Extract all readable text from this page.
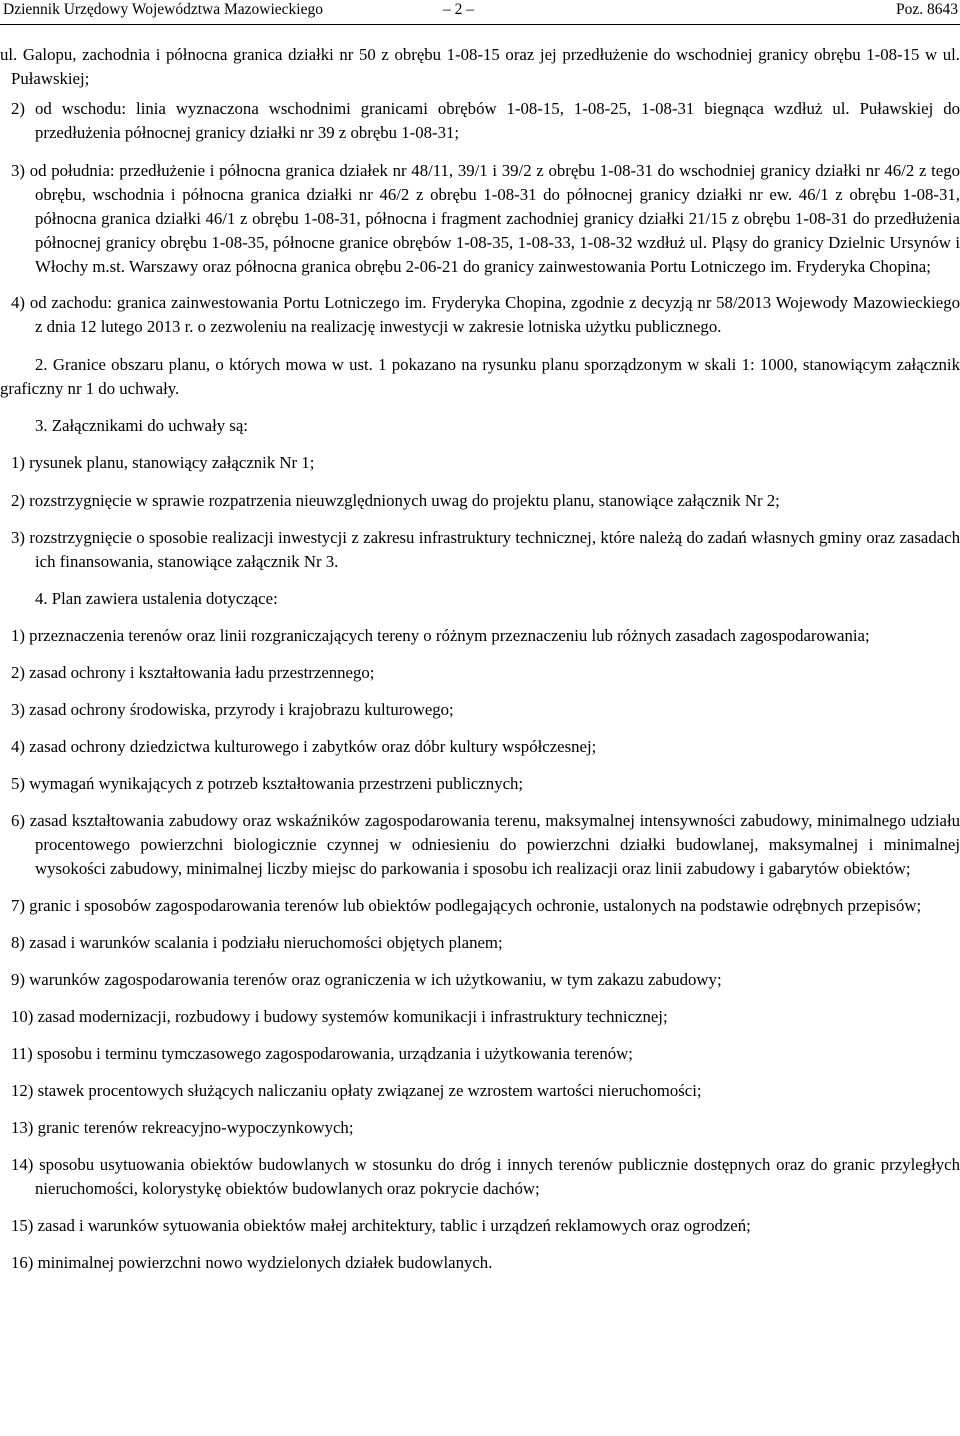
Dziennik Urzędowy Województwa Mazowieckiego	– 2 –	Poz. 8643

ul. Galopu, zachodnia i północna granica działki nr 50 z obrębu 1-08-15 oraz jej przedłużenie do wschodniej granicy obrębu 1-08-15 w ul. Puławskiej;

2) od wschodu: linia wyznaczona wschodnimi granicami obrębów 1-08-15, 1-08-25, 1-08-31 biegnąca wzdłuż ul. Puławskiej do przedłużenia północnej granicy działki nr 39 z obrębu 1-08-31;

3) od południa: przedłużenie i północna granica działek nr 48/11, 39/1 i 39/2 z obrębu 1-08-31 do wschodniej granicy działki nr 46/2 z tego obrębu, wschodnia i północna granica działki nr 46/2 z obrębu 1-08-31 do północnej granicy działki nr ew. 46/1 z obrębu 1-08-31, północna granica działki 46/1 z obrębu 1-08-31, północna i fragment zachodniej granicy działki 21/15 z obrębu 1-08-31 do przedłużenia północnej granicy obrębu 1-08-35, północne granice obrębów 1-08-35, 1-08-33, 1-08-32 wzdłuż ul. Pląsy do granicy Dzielnic Ursynów i Włochy m.st. Warszawy oraz północna granica obrębu 2-06-21 do granicy zainwestowania Portu Lotniczego im. Fryderyka Chopina;

4) od zachodu: granica zainwestowania Portu Lotniczego im. Fryderyka Chopina, zgodnie z decyzją nr 58/2013 Wojewody Mazowieckiego z dnia 12 lutego 2013 r. o zezwoleniu na realizację inwestycji w zakresie lotniska użytku publicznego.

2. Granice obszaru planu, o których mowa w ust. 1 pokazano na rysunku planu sporządzonym w skali 1: 1000, stanowiącym załącznik graficzny nr 1 do uchwały.

3. Załącznikami do uchwały są:

1) rysunek planu, stanowiący załącznik Nr 1;

2) rozstrzygnięcie w sprawie rozpatrzenia nieuwzględnionych uwag do projektu planu, stanowiące załącznik Nr 2;

3) rozstrzygnięcie o sposobie realizacji inwestycji z zakresu infrastruktury technicznej, które należą do zadań własnych gminy oraz zasadach ich finansowania, stanowiące załącznik Nr 3.

4. Plan zawiera ustalenia dotyczące:

1) przeznaczenia terenów oraz linii rozgraniczających tereny o różnym przeznaczeniu lub różnych zasadach zagospodarowania;

2) zasad ochrony i kształtowania ładu przestrzennego;

3) zasad ochrony środowiska, przyrody i krajobrazu kulturowego;

4) zasad ochrony dziedzictwa kulturowego i zabytków oraz dóbr kultury współczesnej;

5) wymagań wynikających z potrzeb kształtowania przestrzeni publicznych;

6) zasad kształtowania zabudowy oraz wskaźników zagospodarowania terenu, maksymalnej intensywności zabudowy, minimalnego udziału procentowego powierzchni biologicznie czynnej w odniesieniu do powierzchni działki budowlanej, maksymalnej i minimalnej wysokości zabudowy, minimalnej liczby miejsc do parkowania i sposobu ich realizacji oraz linii zabudowy i gabarytów obiektów;

7) granic i sposobów zagospodarowania terenów lub obiektów podlegających ochronie, ustalonych na podstawie odrębnych przepisów;

8) zasad i warunków scalania i podziału nieruchomości objętych planem;

9) warunków zagospodarowania terenów oraz ograniczenia w ich użytkowaniu, w tym zakazu zabudowy;

10) zasad modernizacji, rozbudowy i budowy systemów komunikacji i infrastruktury technicznej;

11) sposobu i terminu tymczasowego zagospodarowania, urządzania i użytkowania terenów;

12) stawek procentowych służących naliczaniu opłaty związanej ze wzrostem wartości nieruchomości;

13) granic terenów rekreacyjno-wypoczynkowych;

14) sposobu usytuowania obiektów budowlanych w stosunku do dróg i innych terenów publicznie dostępnych oraz do granic przyległych nieruchomości, kolorystykę obiektów budowlanych oraz pokrycie dachów;

15) zasad i warunków sytuowania obiektów małej architektury, tablic i urządzeń reklamowych oraz ogrodzeń;

16) minimalnej powierzchni nowo wydzielonych działek budowlanych.
